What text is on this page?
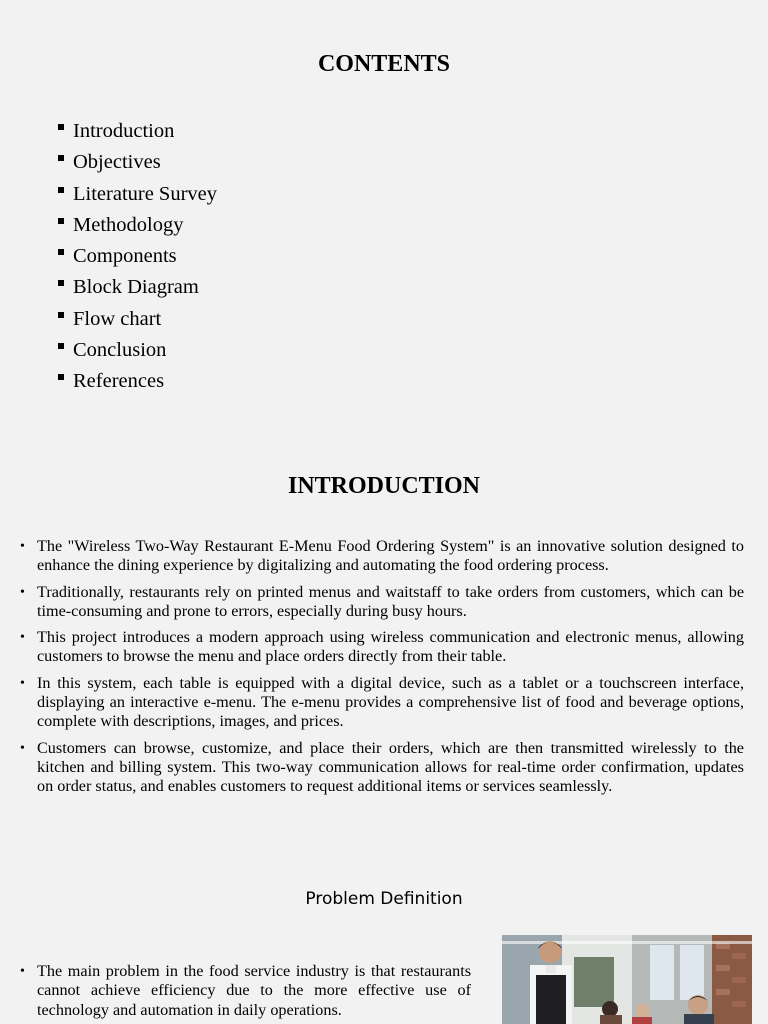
CONTENTS
Introduction
Objectives
Literature Survey
Methodology
Components
Block Diagram
Flow chart
Conclusion
References
INTRODUCTION
• The "Wireless Two-Way Restaurant E-Menu Food Ordering System" is an innovative solution designed to enhance the dining experience by digitalizing and automating the food ordering process.
• Traditionally, restaurants rely on printed menus and waitstaff to take orders from customers, which can be time-consuming and prone to errors, especially during busy hours.
• This project introduces a modern approach using wireless communication and electronic menus, allowing customers to browse the menu and place orders directly from their table.
• In this system, each table is equipped with a digital device, such as a tablet or a touchscreen interface, displaying an interactive e-menu. The e-menu provides a comprehensive list of food and beverage options, complete with descriptions, images, and prices.
• Customers can browse, customize, and place their orders, which are then transmitted wirelessly to the kitchen and billing system. This two-way communication allows for real-time order confirmation, updates on order status, and enables customers to request additional items or services seamlessly.
Problem Definition
• The main problem in the food service industry is that restaurants cannot achieve efficiency due to the more effective use of technology and automation in daily operations.
